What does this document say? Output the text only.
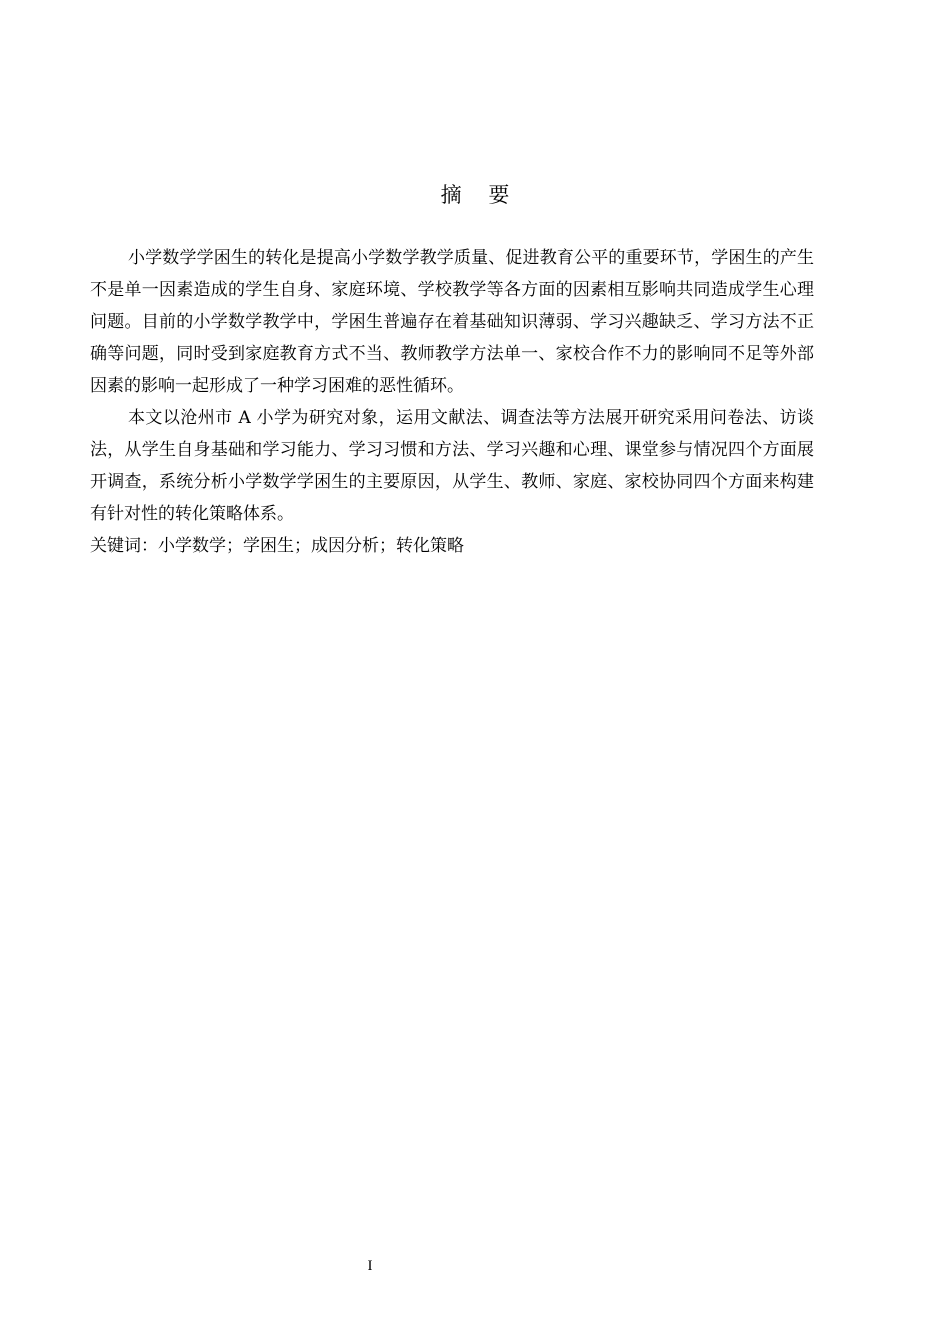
摘 要

小学数学学困生的转化是提高小学数学教学质量、促进教育公平的重要环节，学困生的产生不是单一因素造成的学生自身、家庭环境、学校教学等各方面的因素相互影响共同造成学生心理问题。目前的小学数学教学中，学困生普遍存在着基础知识薄弱、学习兴趣缺乏、学习方法不正确等问题，同时受到家庭教育方式不当、教师教学方法单一、家校合作不力的影响同不足等外部因素的影响一起形成了一种学习困难的恶性循环。

本文以沧州市 A 小学为研究对象，运用文献法、调查法等方法展开研究采用问卷法、访谈法，从学生自身基础和学习能力、学习习惯和方法、学习兴趣和心理、课堂参与情况四个方面展开调查，系统分析小学数学学困生的主要原因，从学生、教师、家庭、家校协同四个方面来构建有针对性的转化策略体系。

关键词：小学数学；学困生；成因分析；转化策略

I
